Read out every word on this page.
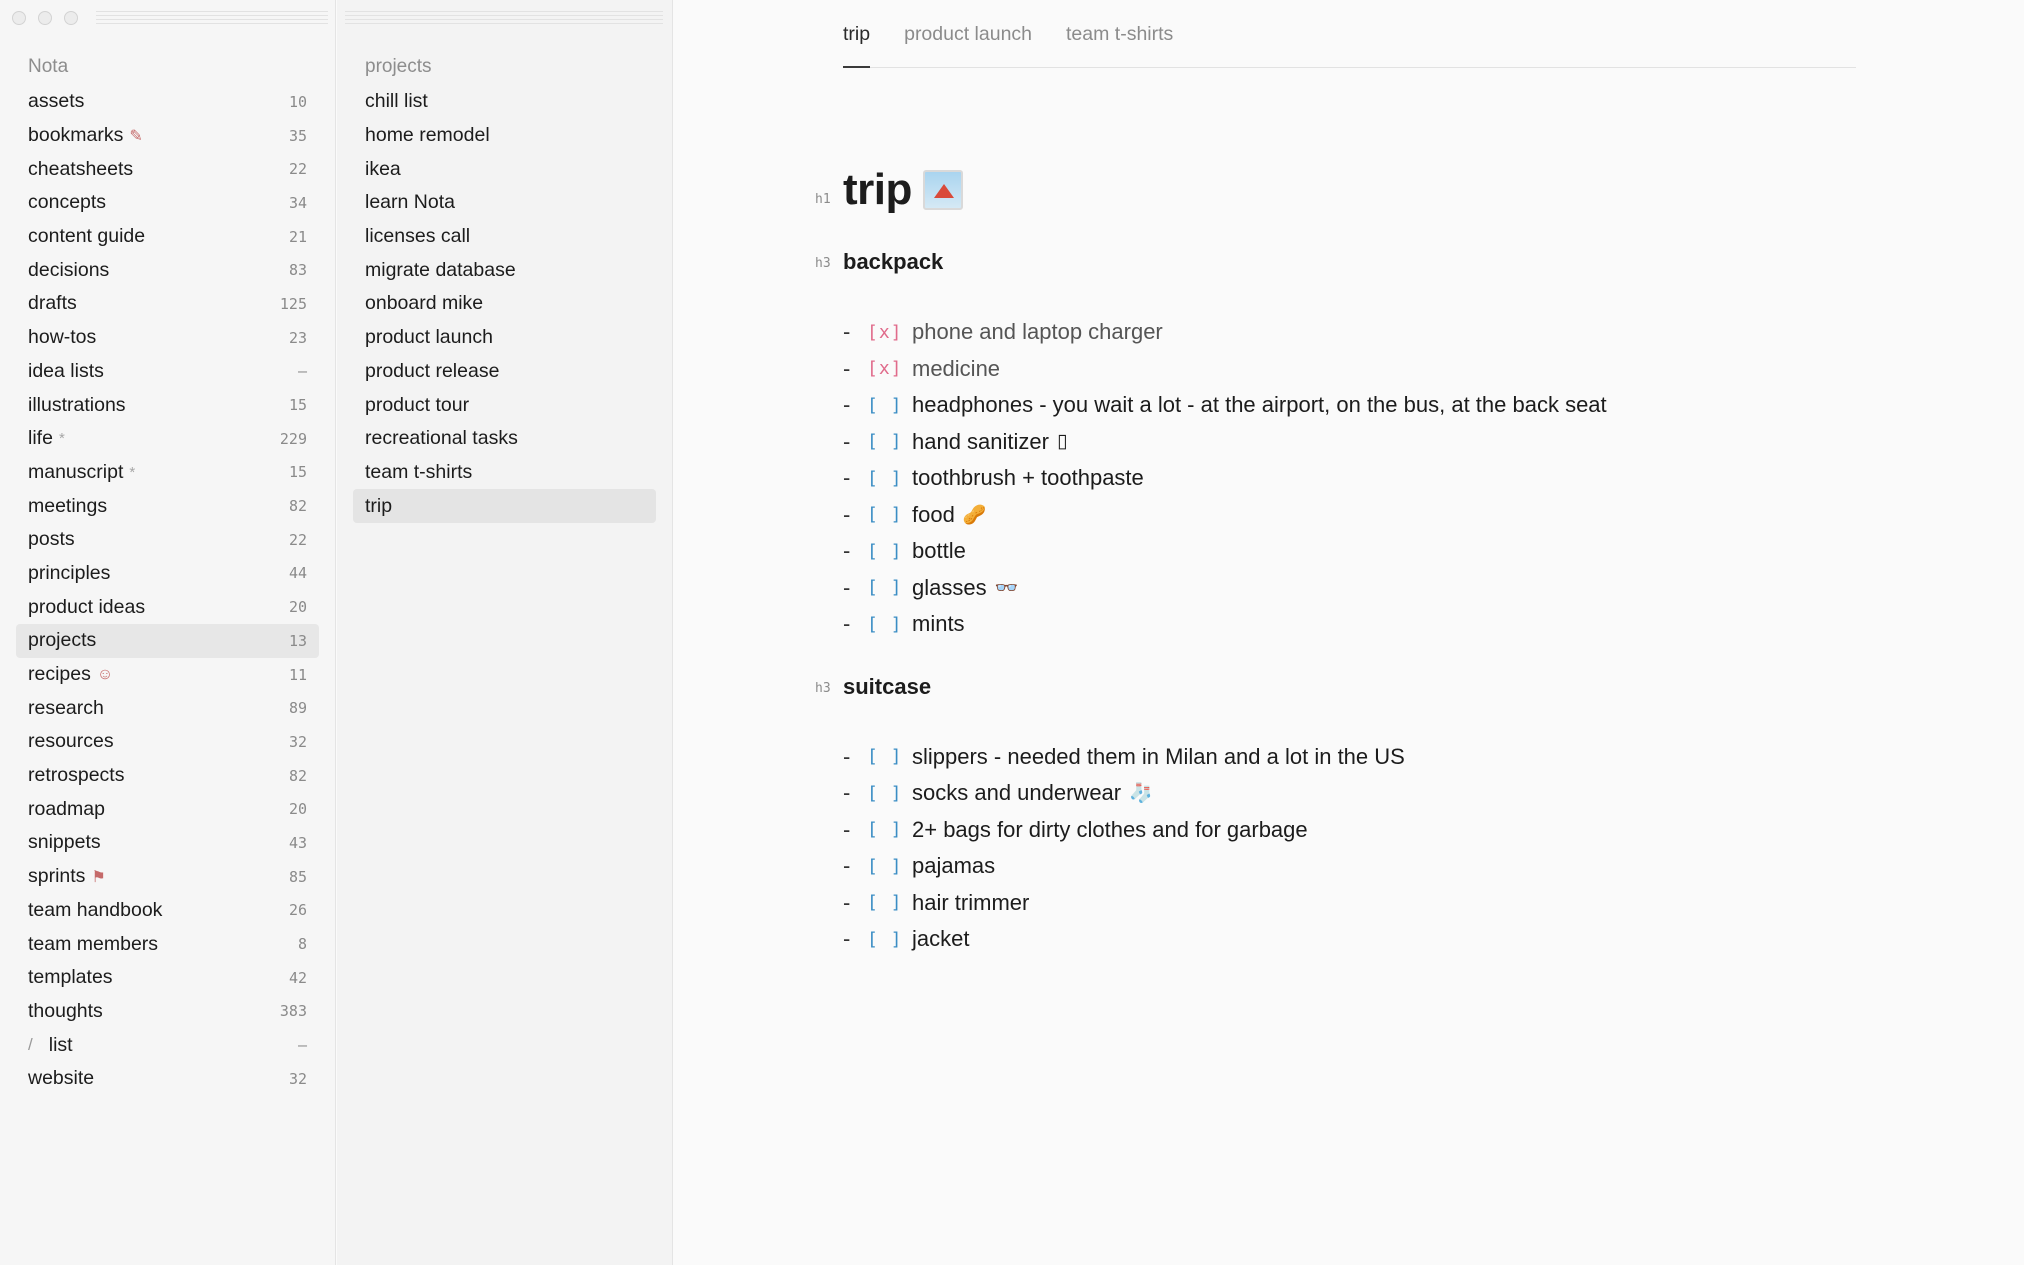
Nota
assets	10
bookmarks ✎	35
cheatsheets	22
concepts	34
content guide	21
decisions	83
drafts	125
how-tos	23
idea lists	—
illustrations	15
life *	229
manuscript *	15
meetings	82
posts	22
principles	44
product ideas	20
projects	13
recipes ☺	11
research	89
resources	32
retrospects	82
roadmap	20
snippets	43
sprints ⚑	85
team handbook	26
team members	8
templates	42
thoughts	383
/ list	—
website	32
projects
chill list
home remodel
ikea
learn Nota
licenses call
migrate database
onboard mike
product launch
product release
product tour
recreational tasks
team t-shirts
trip
trip product launch team t-shirts
h1 trip
h3 backpack
- [x] phone and laptop charger
- [x] medicine
- [ ] headphones - you wait a lot - at the airport, on the bus, at the back seat
- [ ] hand sanitizer ▯
- [ ] toothbrush + toothpaste
- [ ] food 🥜
- [ ] bottle
- [ ] glasses 👓
- [ ] mints
h3 suitcase
- [ ] slippers - needed them in Milan and a lot in the US
- [ ] socks and underwear 🧦
- [ ] 2+ bags for dirty clothes and for garbage
- [ ] pajamas
- [ ] hair trimmer
- [ ] jacket
